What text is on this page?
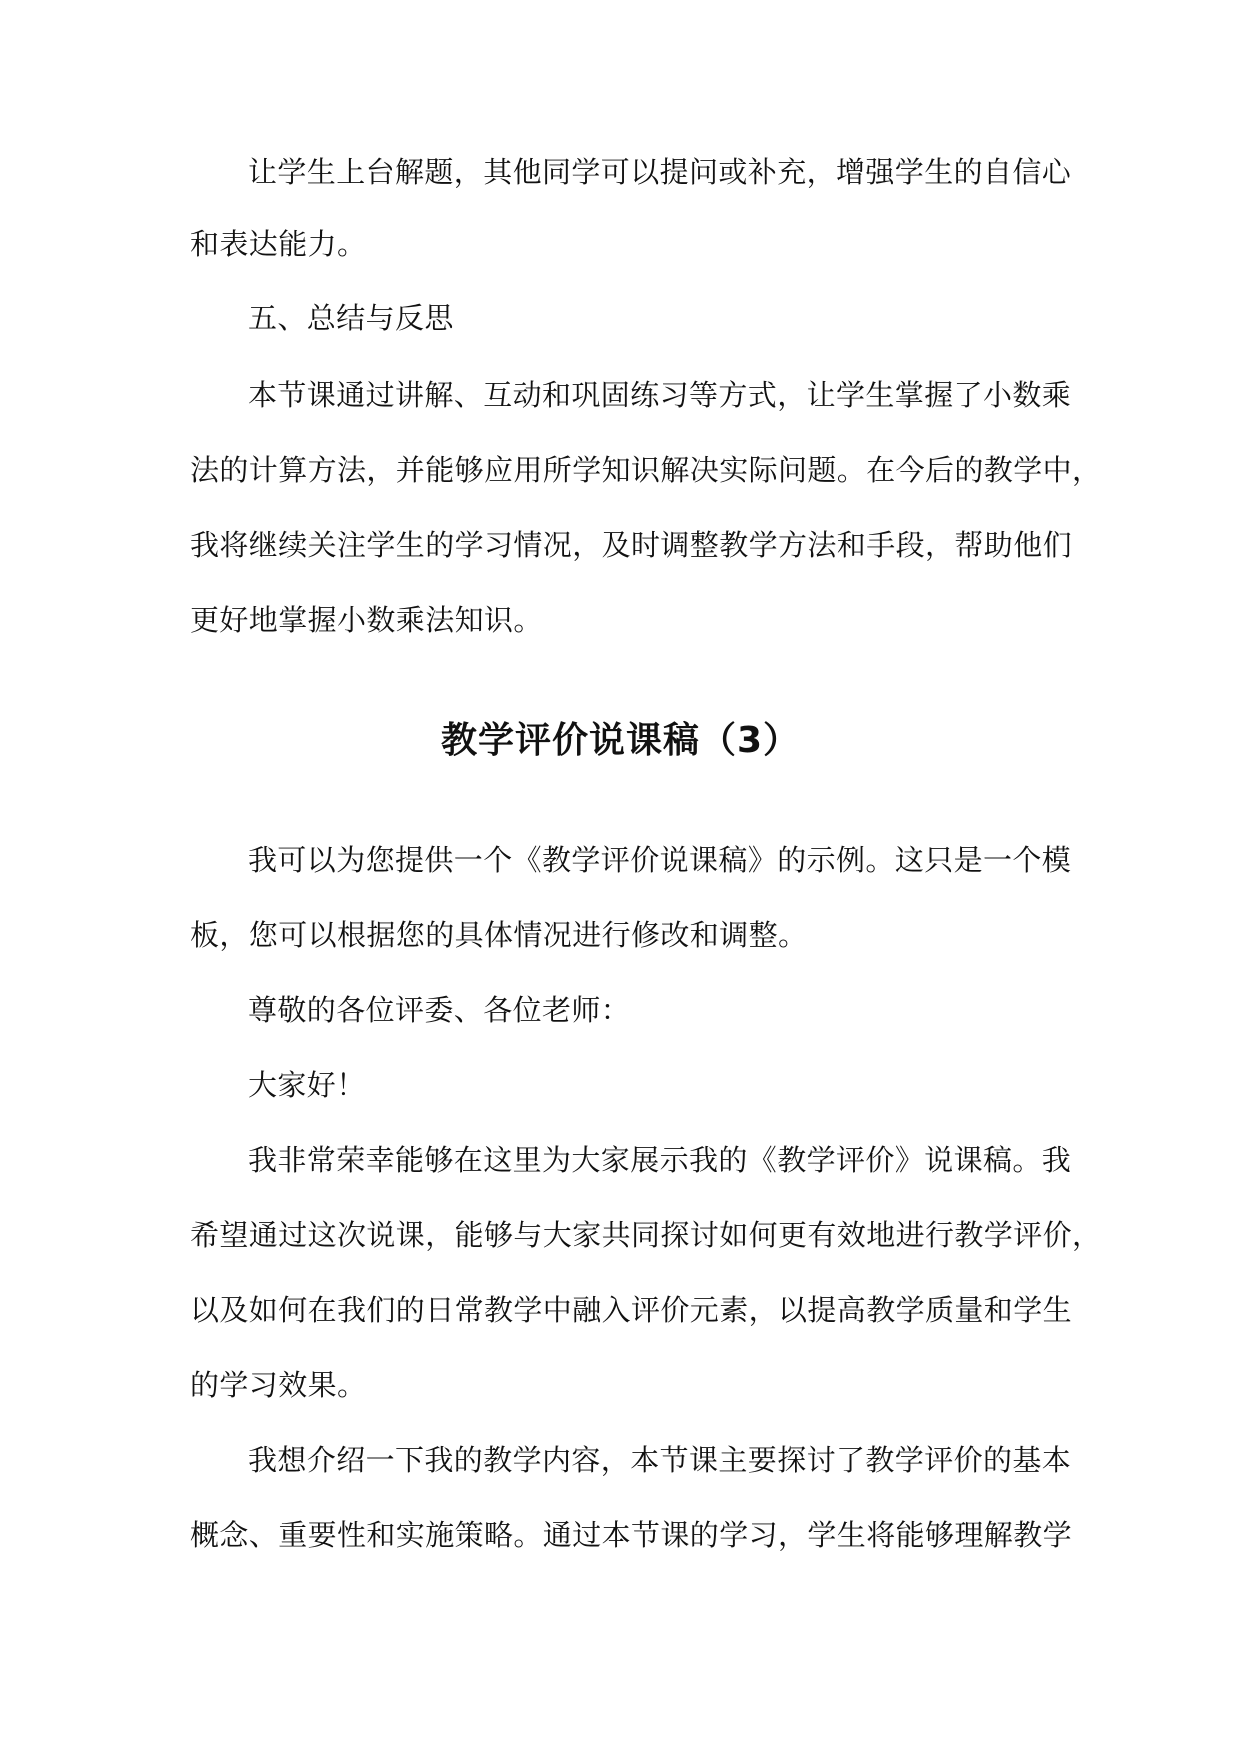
让学生上台解题，其他同学可以提问或补充，增强学生的自信心
和表达能力。
五、总结与反思
本节课通过讲解、互动和巩固练习等方式，让学生掌握了小数乘
法的计算方法，并能够应用所学知识解决实际问题。在今后的教学中，
我将继续关注学生的学习情况，及时调整教学方法和手段，帮助他们
更好地掌握小数乘法知识。
教学评价说课稿（3）
我可以为您提供一个《教学评价说课稿》的示例。这只是一个模
板，您可以根据您的具体情况进行修改和调整。
尊敬的各位评委、各位老师：
大家好！
我非常荣幸能够在这里为大家展示我的《教学评价》说课稿。我
希望通过这次说课，能够与大家共同探讨如何更有效地进行教学评价，
以及如何在我们的日常教学中融入评价元素，以提高教学质量和学生
的学习效果。
我想介绍一下我的教学内容，本节课主要探讨了教学评价的基本
概念、重要性和实施策略。通过本节课的学习，学生将能够理解教学
